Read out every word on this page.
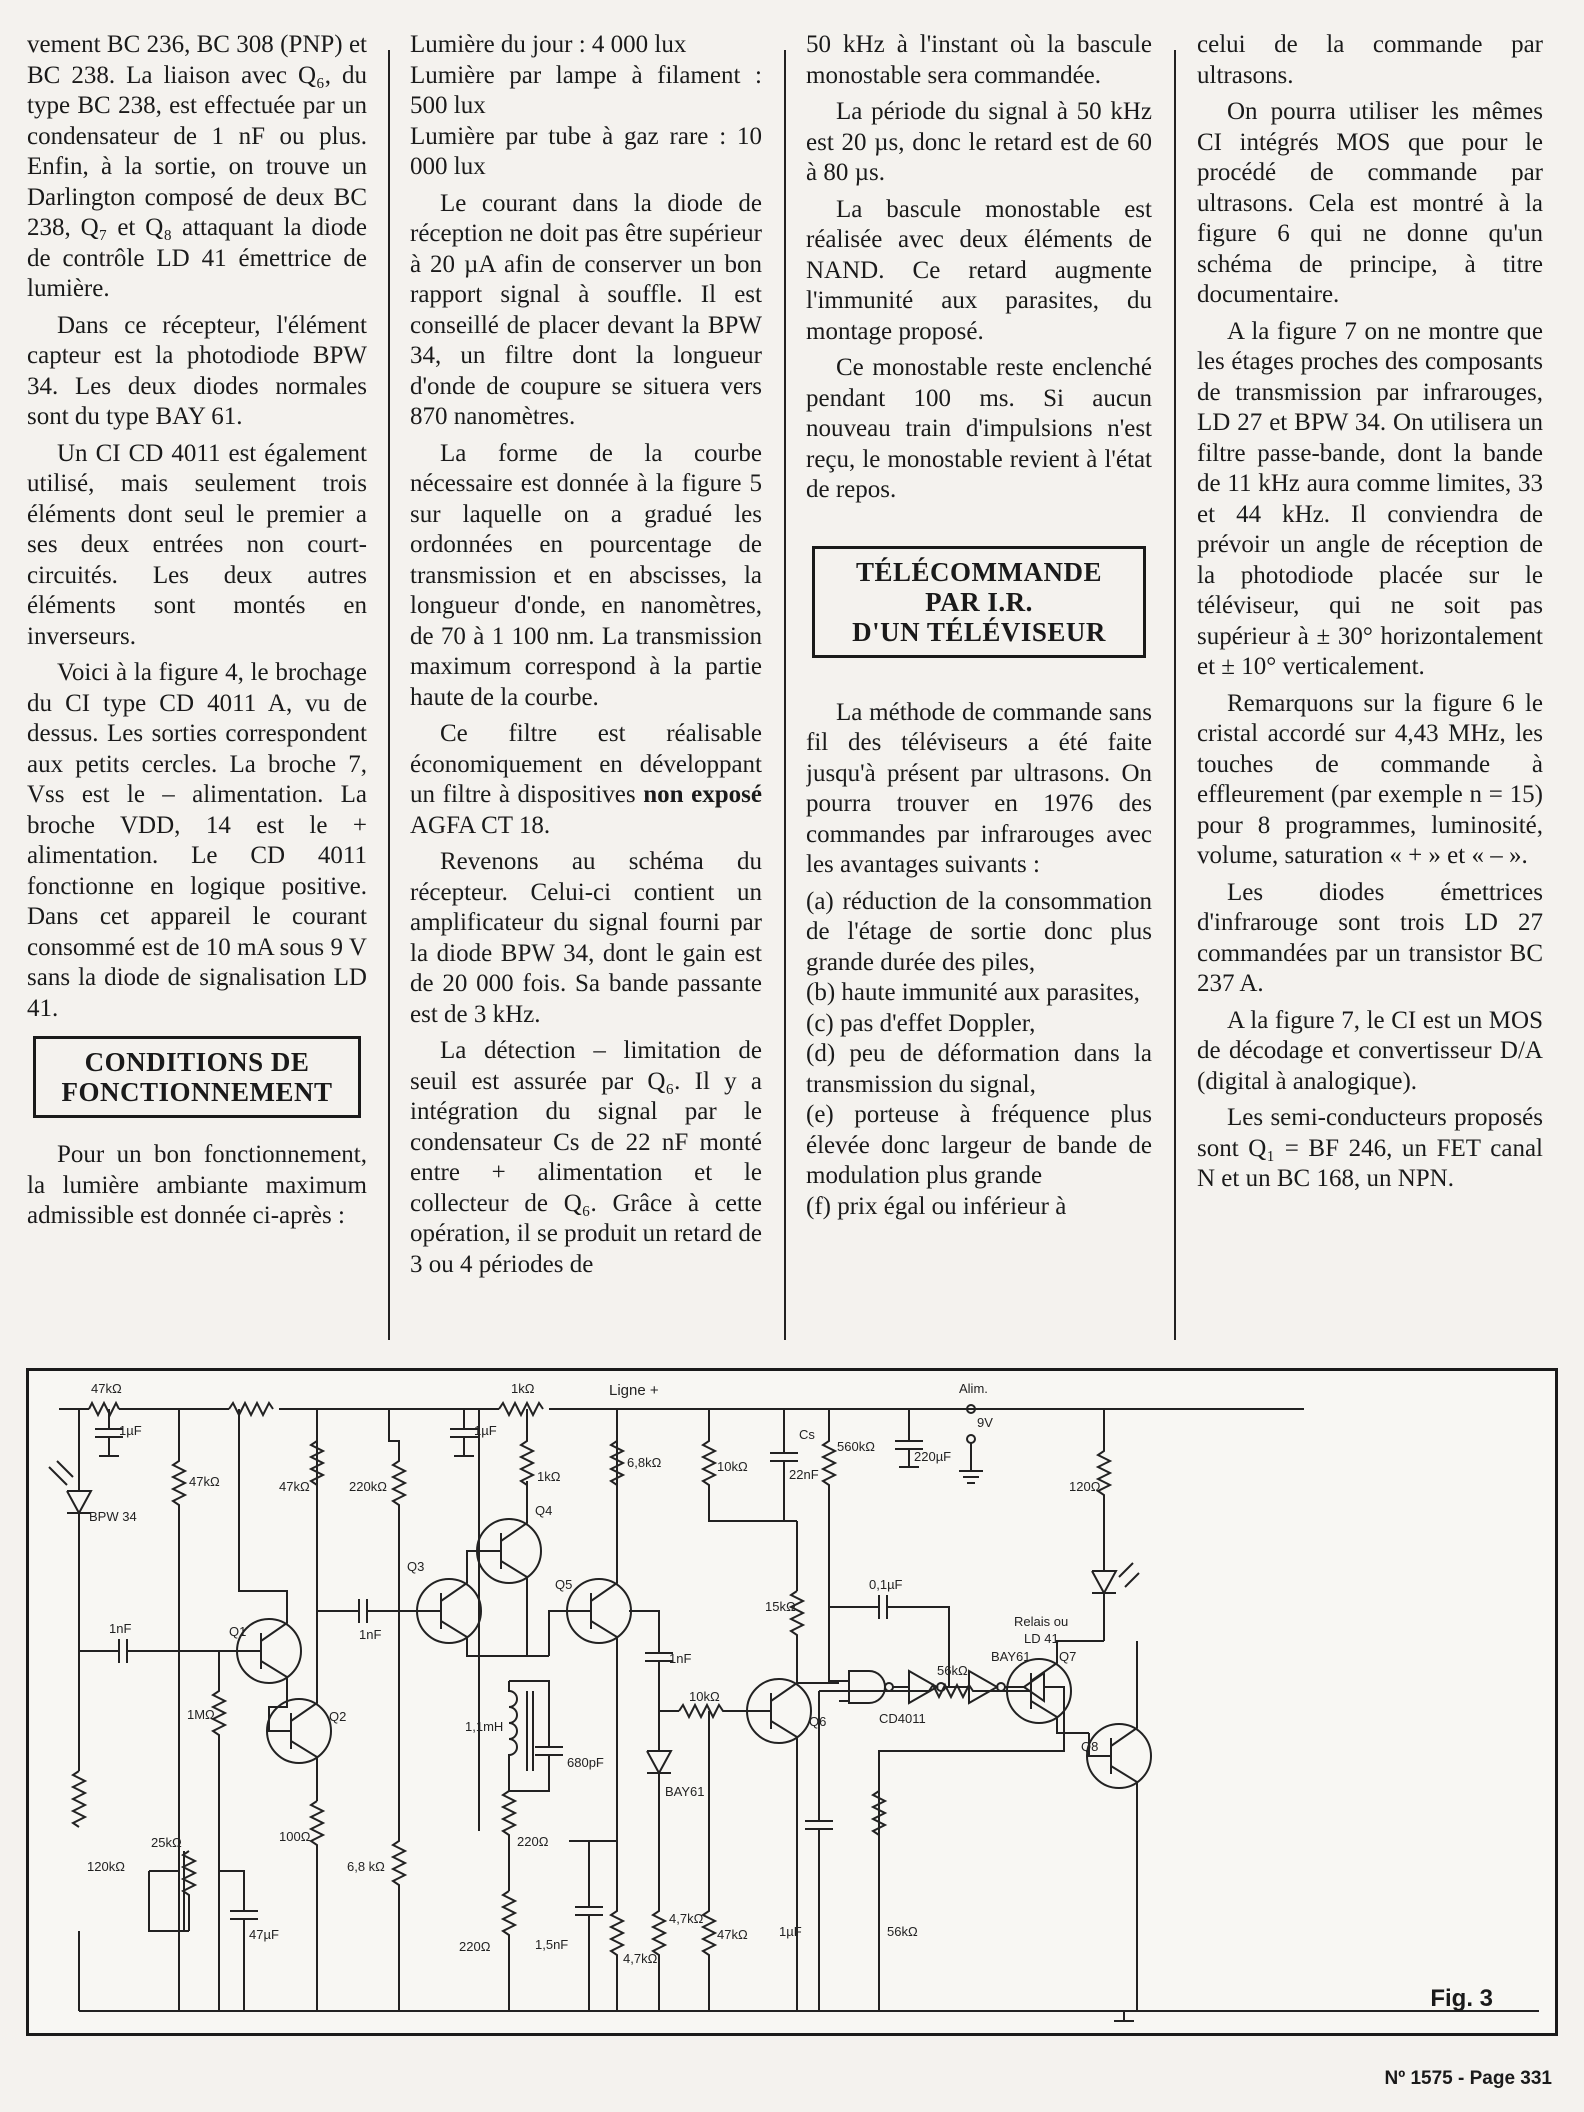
vement BC 236, BC 308 (PNP) et BC 238. La liaison avec Q₆, du type BC 238, est effectuée par un condensateur de 1 nF ou plus. Enfin, à la sortie, on trouve un Darlington composé de deux BC 238, Q₇ et Q₈ attaquant la diode de contrôle LD 41 émettrice de lumière.

Dans ce récepteur, l'élément capteur est la photodiode BPW 34. Les deux diodes normales sont du type BAY 61.

Un CI CD 4011 est également utilisé, mais seulement trois éléments dont seul le premier a ses deux entrées non court-circuités. Les deux autres éléments sont montés en inverseurs.

Voici à la figure 4, le brochage du CI type CD 4011 A, vu de dessus. Les sorties correspondent aux petits cercles. La broche 7, Vss est le – alimentation. La broche VDD, 14 est le + alimentation. Le CD 4011 fonctionne en logique positive. Dans cet appareil le courant consommé est de 10 mA sous 9 V sans la diode de signalisation LD 41.

CONDITIONS DE
FONCTIONNEMENT

Pour un bon fonctionnement, la lumière ambiante maximum admissible est donnée ci-après :

Lumière du jour : 4 000 lux

Lumière par lampe à filament : 500 lux

Lumière par tube à gaz rare : 10 000 lux

Le courant dans la diode de réception ne doit pas être supérieur à 20 µA afin de conserver un bon rapport signal à souffle. Il est conseillé de placer devant la BPW 34, un filtre dont la longueur d'onde de coupure se situera vers 870 nanomètres.

La forme de la courbe nécessaire est donnée à la figure 5 sur laquelle on a gradué les ordonnées en pourcentage de transmission et en abscisses, la longueur d'onde, en nanomètres, de 70 à 1 100 nm. La transmission maximum correspond à la partie haute de la courbe.

Ce filtre est réalisable économiquement en développant un filtre à dispositives non exposé AGFA CT 18.

Revenons au schéma du récepteur. Celui-ci contient un amplificateur du signal fourni par la diode BPW 34, dont le gain est de 20 000 fois. Sa bande passante est de 3 kHz.

La détection – limitation de seuil est assurée par Q₆. Il y a intégration du signal par le condensateur Cs de 22 nF monté entre + alimentation et le collecteur de Q₆. Grâce à cette opération, il se produit un retard de 3 ou 4 périodes de

50 kHz à l'instant où la bascule monostable sera commandée.

La période du signal à 50 kHz est 20 µs, donc le retard est de 60 à 80 µs.

La bascule monostable est réalisée avec deux éléments de NAND. Ce retard augmente l'immunité aux parasites, du montage proposé.

Ce monostable reste enclenché pendant 100 ms. Si aucun nouveau train d'impulsions n'est reçu, le monostable revient à l'état de repos.

TÉLÉCOMMANDE
PAR I.R.
D'UN TÉLÉVISEUR

La méthode de commande sans fil des téléviseurs a été faite jusqu'à présent par ultrasons. On pourra trouver en 1976 des commandes par infrarouges avec les avantages suivants :

(a) réduction de la consommation de l'étage de sortie donc plus grande durée des piles,

(b) haute immunité aux parasites,

(c) pas d'effet Doppler,

(d) peu de déformation dans la transmission du signal,

(e) porteuse à fréquence plus élevée donc largeur de bande de modulation plus grande

(f) prix égal ou inférieur à

celui de la commande par ultrasons.

On pourra utiliser les mêmes CI intégrés MOS que pour le procédé de commande par ultrasons. Cela est montré à la figure 6 qui ne donne qu'un schéma de principe, à titre documentaire.

A la figure 7 on ne montre que les étages proches des composants de transmission par infrarouges, LD 27 et BPW 34. On utilisera un filtre passe-bande, dont la bande de 11 kHz aura comme limites, 33 et 44 kHz. Il conviendra de prévoir un angle de réception de la photodiode placée sur le téléviseur, qui ne soit pas supérieur à ± 30° horizontalement et ± 10° verticalement.

Remarquons sur la figure 6 le cristal accordé sur 4,43 MHz, les touches de commande à effleurement (par exemple n = 15) pour 8 programmes, luminosité, volume, saturation « + » et « – ».

Les diodes émettrices d'infrarouge sont trois LD 27 commandées par un transistor BC 237 A.

A la figure 7, le CI est un MOS de décodage et convertisseur D/A (digital à analogique).

Les semi-conducteurs proposés sont Q₁ = BF 246, un FET canal N et un BC 168, un NPN.

47kΩ
1µF
BPW 34
47kΩ
1kΩ
1µF
Ligne +	Alim.
9V
220µF
47kΩ	220kΩ
1kΩ
6,8kΩ	10kΩ
Cs
22nF
560kΩ
120Ω
Q3
Q4
Q5
Q1
Q2	Q6
Q7
Q8
1nF	1nF
1nF
0,1µF
15kΩ
Relais ou
LD 41
BAY61
10kΩ
CD4011
1MΩ
1,1mH
680pF
BAY61
120kΩ
25kΩ
47µF
100Ω
6,8 kΩ
220Ω
220Ω	1,5nF
4,7kΩ
4,7kΩ
47kΩ 1µF
56kΩ
56kΩ
Fig. 3
Nº 1575 - Page 331
